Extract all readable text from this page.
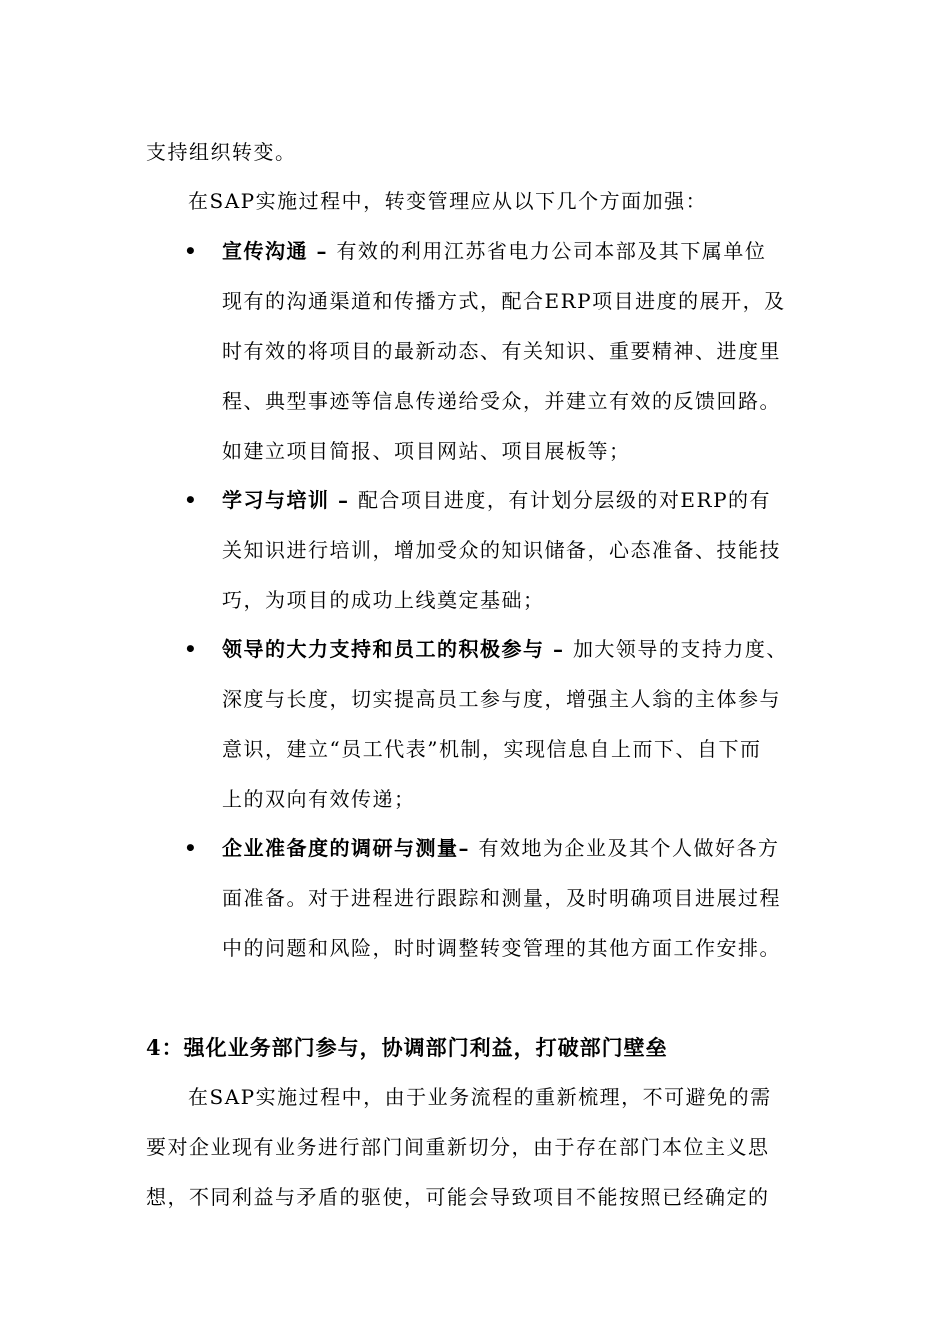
支持组织转变。
在SAP实施过程中，转变管理应从以下几个方面加强：
• 宣传沟通 – 有效的利用江苏省电力公司本部及其下属单位
现有的沟通渠道和传播方式，配合ERP项目进度的展开，及
时有效的将项目的最新动态、有关知识、重要精神、进度里
程、典型事迹等信息传递给受众，并建立有效的反馈回路。
如建立项目简报、项目网站、项目展板等；
• 学习与培训 – 配合项目进度，有计划分层级的对ERP的有
关知识进行培训，增加受众的知识储备，心态准备、技能技
巧，为项目的成功上线奠定基础；
• 领导的大力支持和员工的积极参与 – 加大领导的支持力度、
深度与长度，切实提高员工参与度，增强主人翁的主体参与
意识，建立“员工代表”机制，实现信息自上而下、自下而
上的双向有效传递；
• 企业准备度的调研与测量– 有效地为企业及其个人做好各方
面准备。对于进程进行跟踪和测量，及时明确项目进展过程
中的问题和风险，时时调整转变管理的其他方面工作安排。
4：强化业务部门参与，协调部门利益，打破部门壁垒
在SAP实施过程中，由于业务流程的重新梳理，不可避免的需
要对企业现有业务进行部门间重新切分，由于存在部门本位主义思
想，不同利益与矛盾的驱使，可能会导致项目不能按照已经确定的
